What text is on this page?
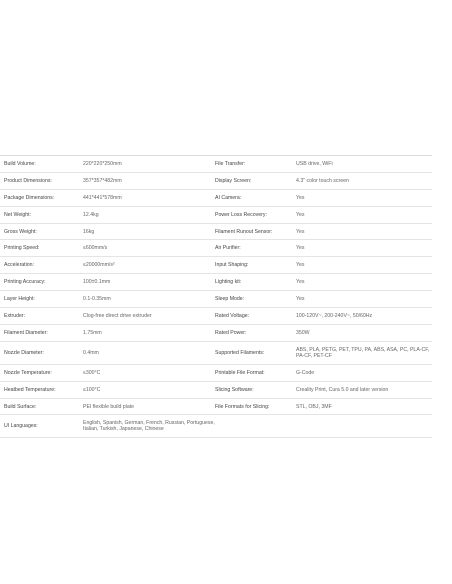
Build Volume:	220*220*250mm	File Transfer:	USB drive, WiFi
Product Dimensions:	357*357*482mm	Display Screen:	4.3" color touch screen
Package Dimensions:	441*441*578mm	AI Camera:	Yes
Net Weight:	12.4kg	Power Loss Recovery:	Yes
Gross Weight:	16kg	Filament Runout Sensor:	Yes
Printing Speed:	≤600mm/s	Air Purifier:	Yes
Acceleration:	≤20000mm/s²	Input Shaping:	Yes
Printing Accuracy:	100±0.1mm	Lighting kit:	Yes
Layer Height:	0.1-0.35mm	Sleep Mode:	Yes
Extruder:	Clog-free direct drive extruder	Rated Voltage:	100-120V~, 200-240V~, 50/60Hz
Filament Diameter:	1.75mm	Rated Power:	350W
Nozzle Diameter:	0.4mm	Supported Filaments:	ABS, PLA, PETG, PET, TPU, PA, ABS, ASA, PC, PLA-CF, PA-CF, PET-CF
Nozzle Temperature:	≤300°C	Printable File Format:	G-Code
Heatbed Temperature:	≤100°C	Slicing Software:	Creality Print, Cura 5.0 and later version
Build Surface:	PEI flexible build plate	File Formats for Slicing:	STL, OBJ, 3MF
UI Languages:	English, Spanish, German, French, Russian, Portuguese, Italian, Turkish, Japanese, Chinese
